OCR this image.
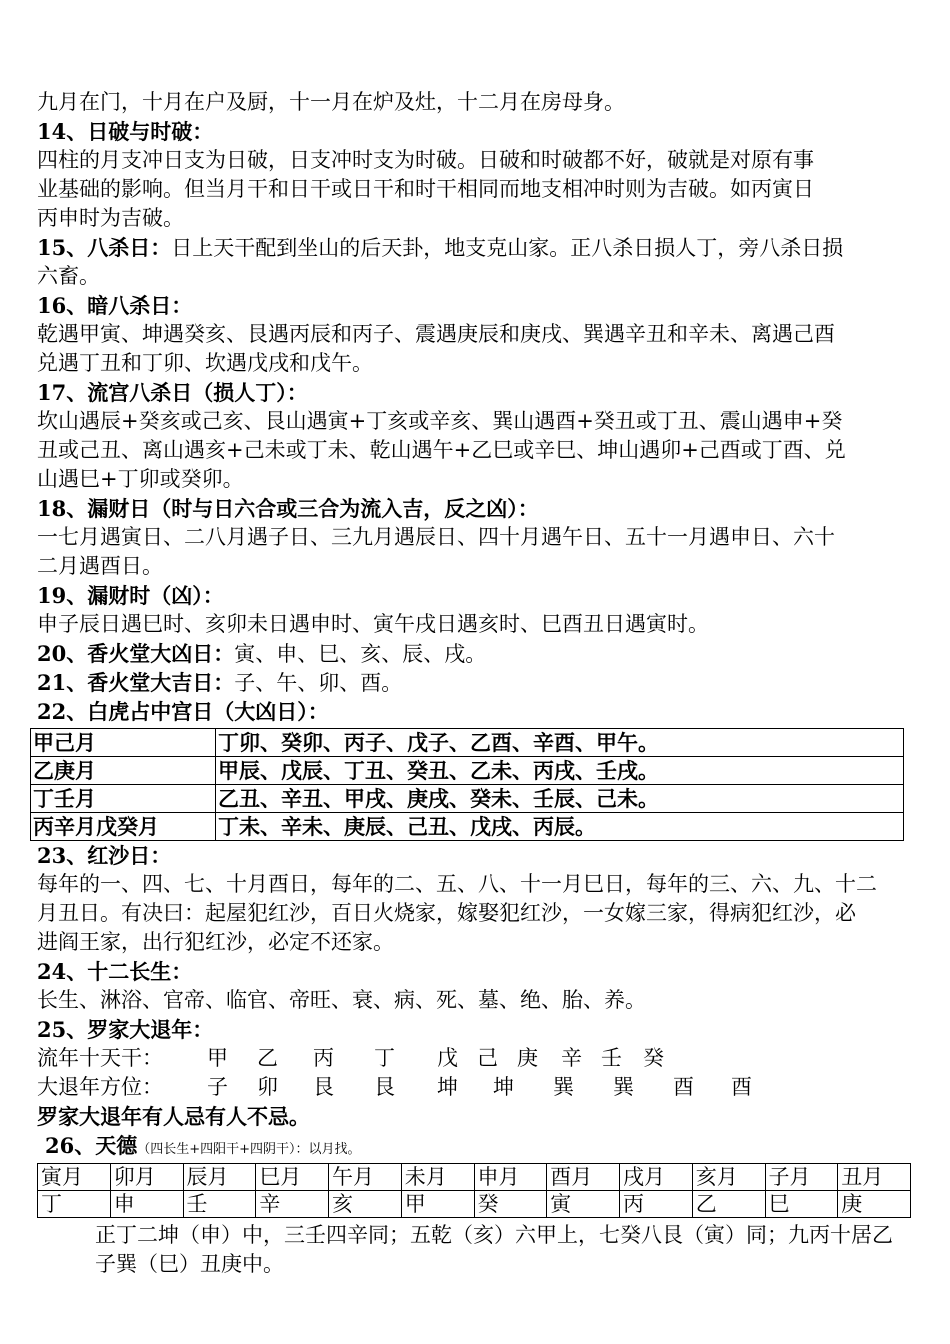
九月在门，十月在户及厨，十一月在炉及灶，十二月在房母身。
14、日破与时破：
四柱的月支冲日支为日破，日支冲时支为时破。日破和时破都不好，破就是对原有事
业基础的影响。但当月干和日干或日干和时干相同而地支相冲时则为吉破。如丙寅日
丙申时为吉破。
15、八杀日：日上天干配到坐山的后天卦，地支克山家。正八杀日损人丁，旁八杀日损
六畜。
16、暗八杀日：
乾遇甲寅、坤遇癸亥、艮遇丙辰和丙子、震遇庚辰和庚戌、巽遇辛丑和辛未、离遇己酉
兑遇丁丑和丁卯、坎遇戊戌和戊午。
17、流宫八杀日（损人丁）：
坎山遇辰+癸亥或己亥、艮山遇寅+丁亥或辛亥、巽山遇酉+癸丑或丁丑、震山遇申+癸
丑或己丑、离山遇亥+己未或丁未、乾山遇午+乙巳或辛巳、坤山遇卯+己酉或丁酉、兑
山遇巳+丁卯或癸卯。
18、漏财日（时与日六合或三合为流入吉，反之凶）：
一七月遇寅日、二八月遇子日、三九月遇辰日、四十月遇午日、五十一月遇申日、六十
二月遇酉日。
19、漏财时（凶）：
申子辰日遇巳时、亥卯未日遇申时、寅午戌日遇亥时、巳酉丑日遇寅时。
20、香火堂大凶日：寅、申、巳、亥、辰、戌。
21、香火堂大吉日：子、午、卯、酉。
22、白虎占中宫日（大凶日）：
甲己月	丁卯、癸卯、丙子、戊子、乙酉、辛酉、甲午。
乙庚月	甲辰、戊辰、丁丑、癸丑、乙未、丙戌、壬戌。
丁壬月	乙丑、辛丑、甲戌、庚戌、癸未、壬辰、己未。
丙辛月戊癸月	丁未、辛未、庚辰、己丑、戊戌、丙辰。
23、红沙日：
每年的一、四、七、十月酉日，每年的二、五、八、十一月巳日，每年的三、六、九、十二
月丑日。有决曰：起屋犯红沙，百日火烧家，嫁娶犯红沙，一女嫁三家，得病犯红沙，必
进阎王家，出行犯红沙，必定不还家。
24、十二长生：
长生、淋浴、官帝、临官、帝旺、衰、病、死、墓、绝、胎、养。
25、罗家大退年：
流年十天干： 甲 乙 丙 丁 戊 己 庚 辛 壬 癸
大退年方位： 子 卯 艮 艮 坤 坤 巽 巽 酉 酉
罗家大退年有人忌有人不忌。
26、天德（四长生+四阳干+四阴干）：以月找。
寅月	卯月	辰月	巳月	午月	未月	申月	酉月	戌月	亥月	子月	丑月
丁	申	壬	辛	亥	甲	癸	寅	丙	乙	巳	庚
正丁二坤（申）中，三壬四辛同；五乾（亥）六甲上，七癸八艮（寅）同；九丙十居乙
子巽（巳）丑庚中。
